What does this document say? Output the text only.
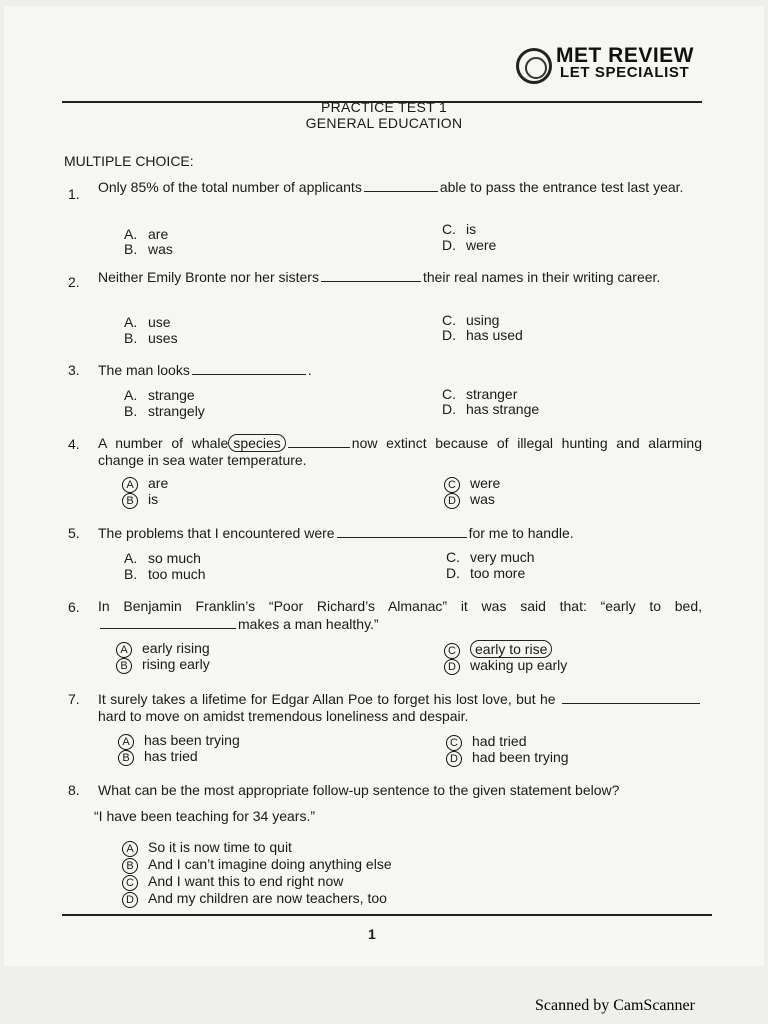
MET REVIEW
LET SPECIALIST
PRACTICE TEST 1
GENERAL EDUCATION
MULTIPLE CHOICE:
1. Only 85% of the total number of applicants	able to pass the entrance test last year.
A. are
B. was
C. is
D. were
2. Neither Emily Bronte nor her sisters	their real names in their writing career.
A. use
B. uses
C. using
D. has used
3. The man looks	.
A. strange
B. strangely
C. stranger
D. has strange
4. A number of whale species	now extinct because of illegal hunting and alarming change in sea water temperature.
A are
B is
C were
D was
5. The problems that I encountered were	for me to handle.
A. so much
B. too much
C. very much
D. too more
6. In Benjamin Franklin’s “Poor Richard’s Almanac” it was said that: “early to bed, makes a man healthy.”
A early rising
B rising early
C early to rise
D waking up early
7. It surely takes a lifetime for Edgar Allan Poe to forget his lost love, but he hard to move on amidst tremendous loneliness and despair.
A has been trying
B has tried
C had tried
D had been trying
8. What can be the most appropriate follow-up sentence to the given statement below?
“I have been teaching for 34 years.”
A So it is now time to quit
B And I can’t imagine doing anything else
C And I want this to end right now
D And my children are now teachers, too
1
Scanned by CamScanner
